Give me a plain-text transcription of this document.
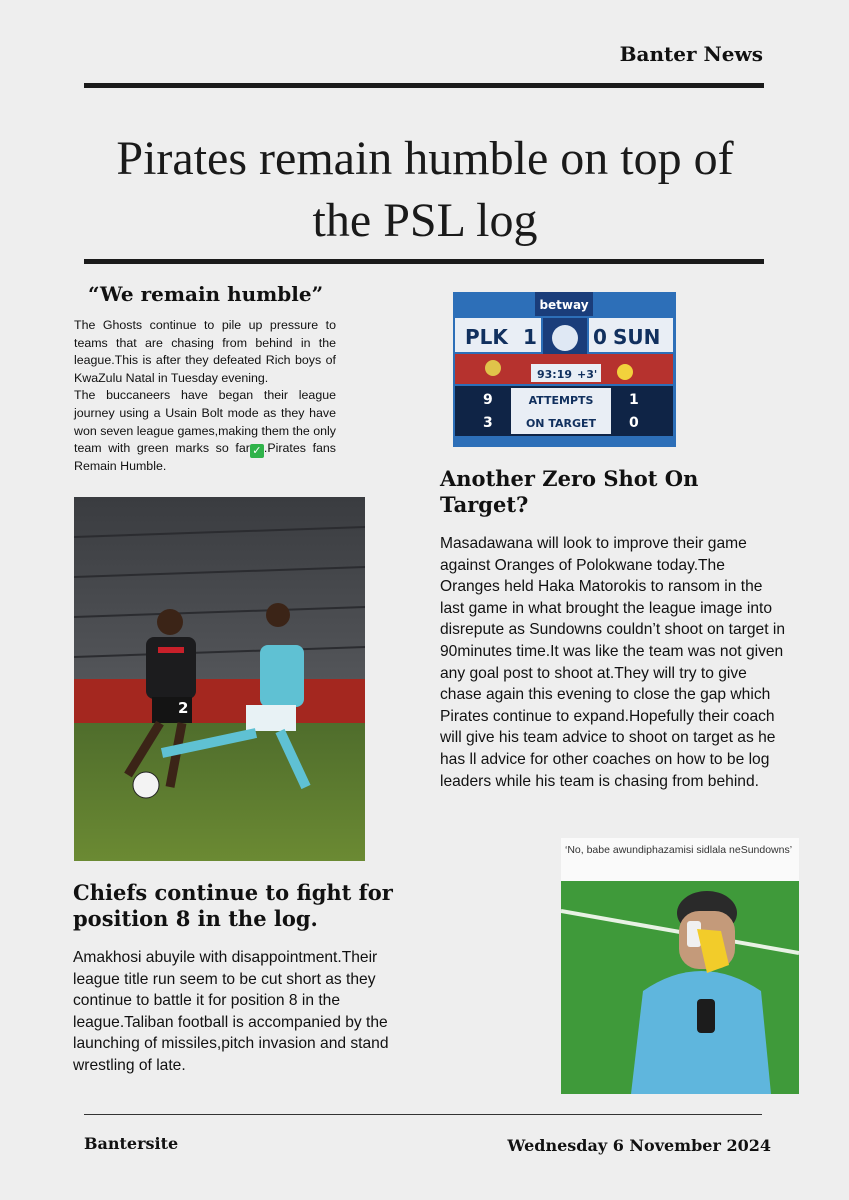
Banter News
Pirates remain humble on top of the PSL log
“We remain humble”
The Ghosts continue to pile up pressure to teams that are chasing from behind in the league.This is after they defeated Rich boys of KwaZulu Natal in Tuesday evening.
The buccaneers have began their league journey using a Usain Bolt mode as they have won seven league games,making them the only team with green marks so far ✓ .Pirates fans Remain Humble.
2
Chiefs continue to fight for position 8 in the log.
Amakhosi abuyile with disappointment.Their league title run seem to be cut short as they continue to battle it for position 8 in the league.Taliban football is accompanied by the launching of missiles,pitch invasion and stand wrestling of late.
betway
PLK 1	0 SUN
93:19 +3'
ATTEMPTS
ON TARGET
9
3
1
0
Another Zero Shot On Target?
Masadawana will look to improve their game against Oranges of Polokwane today.The Oranges held Haka Matorokis to ransom in the last game in what brought the league image into disrepute as Sundowns couldn’t shoot on target in 90minutes time.It was like the team was not given any goal post to shoot at.They will try to give chase again this evening to close the gap which Pirates continue to expand.Hopefully their coach will give his team advice to shoot on target as he has ll advice for other coaches on how to be log leaders while his team is chasing from behind.
‘No, babe awundiphazamisi sidlala neSundowns’
Bantersite	Wednesday 6 November 2024
